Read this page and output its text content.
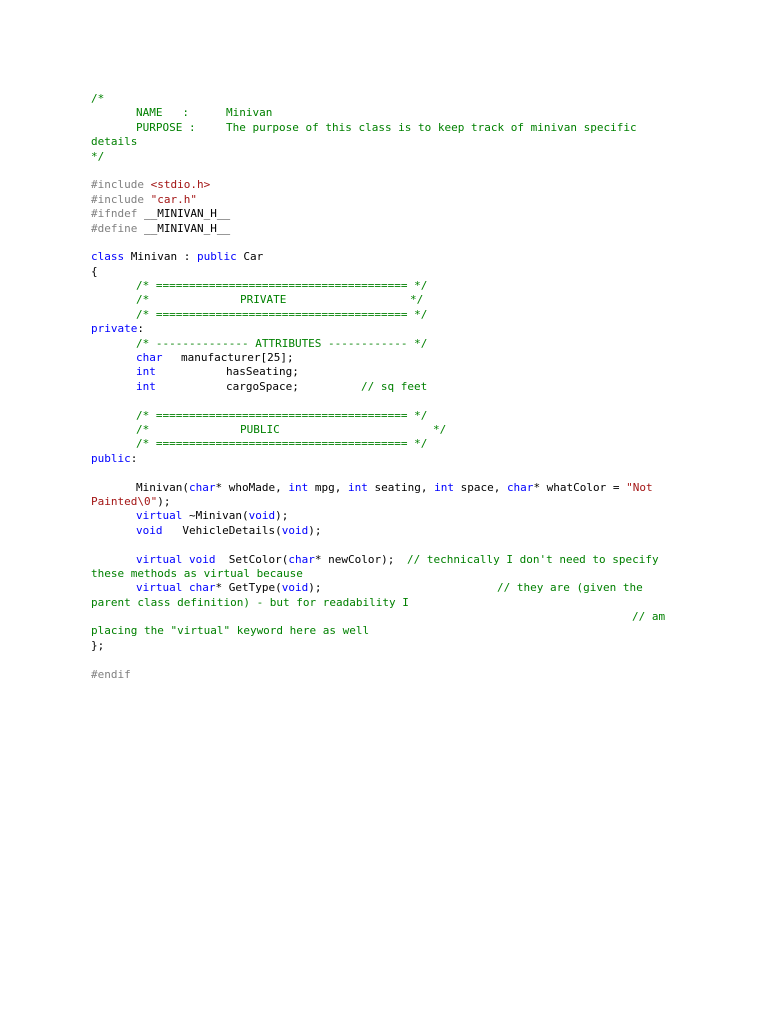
/*
NAME   :	Minivan
PURPOSE :	The purpose of this class is to keep track of minivan specific
details
*/
#include <stdio.h>
#include "car.h"
#ifndef __MINIVAN_H__
#define __MINIVAN_H__
class Minivan : public Car
{
/* ====================================== */
/*	PRIVATE	*/
/* ====================================== */
private:
/* -------------- ATTRIBUTES ------------ */
char manufacturer[25];
int	hasSeating;
int	cargoSpace;	// sq feet
/* ====================================== */
/*	PUBLIC	*/
/* ====================================== */
public:
Minivan(char* whoMade, int mpg, int seating, int space, char* whatColor = "Not
Painted\0");
virtual ~Minivan(void);
void   VehicleDetails(void);
virtual void  SetColor(char* newColor); // technically I don't need to specify
these methods as virtual because
virtual char* GetType(void);	// they are (given the
parent class definition) - but for readability I
// am
placing the "virtual" keyword here as well
};
#endif
